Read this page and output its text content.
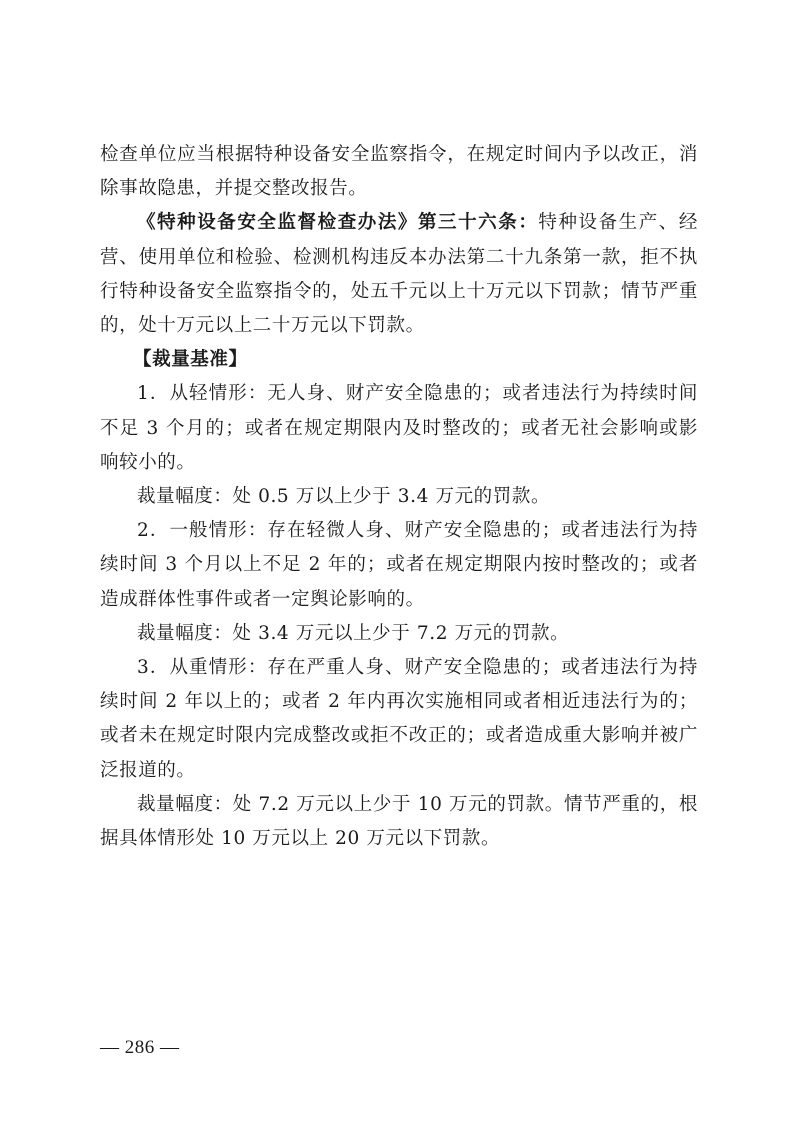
检查单位应当根据特种设备安全监察指令，在规定时间内予以改正，消除事故隐患，并提交整改报告。

《特种设备安全监督检查办法》第三十六条：特种设备生产、经营、使用单位和检验、检测机构违反本办法第二十九条第一款，拒不执行特种设备安全监察指令的，处五千元以上十万元以下罚款；情节严重的，处十万元以上二十万元以下罚款。

【裁量基准】

1．从轻情形：无人身、财产安全隐患的；或者违法行为持续时间不足 3 个月的；或者在规定期限内及时整改的；或者无社会影响或影响较小的。

裁量幅度：处 0.5 万以上少于 3.4 万元的罚款。

2．一般情形：存在轻微人身、财产安全隐患的；或者违法行为持续时间 3 个月以上不足 2 年的；或者在规定期限内按时整改的；或者造成群体性事件或者一定舆论影响的。

裁量幅度：处 3.4 万元以上少于 7.2 万元的罚款。

3．从重情形：存在严重人身、财产安全隐患的；或者违法行为持续时间 2 年以上的；或者 2 年内再次实施相同或者相近违法行为的；或者未在规定时限内完成整改或拒不改正的；或者造成重大影响并被广泛报道的。

裁量幅度：处 7.2 万元以上少于 10 万元的罚款。情节严重的，根据具体情形处 10 万元以上 20 万元以下罚款。

— 286 —
